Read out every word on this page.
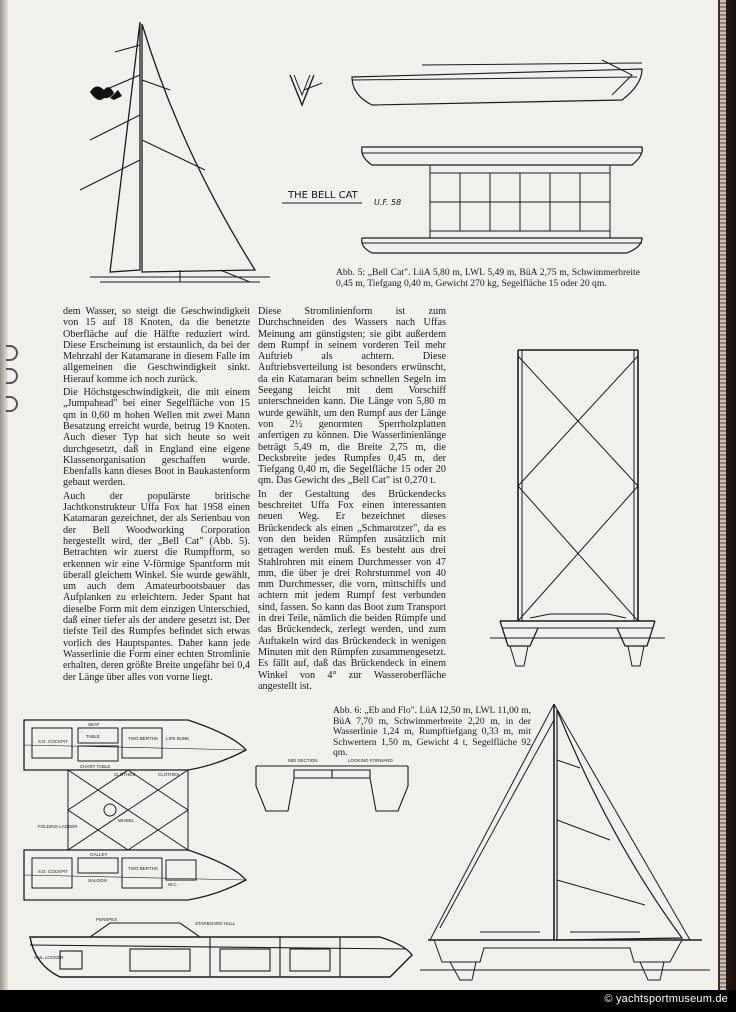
THE BELL CAT
U.F. 58
Abb. 5: „Bell Cat". LüA 5,80 m, LWL 5,49 m, BüA 2,75 m, Schwimmerbreite 0,45 m, Tiefgang 0,40 m, Gewicht 270 kg, Segelfläche 15 oder 20 qm.

dem Wasser, so steigt die Geschwindigkeit von 15 auf 18 Knoten, da die benetzte Oberfläche auf die Hälfte reduziert wird. Diese Erscheinung ist erstaunlich, da bei der Mehrzahl der Katamarane in diesem Falle im allgemeinen die Geschwindigkeit sinkt. Hierauf komme ich noch zurück.

Die Höchstgeschwindigkeit, die mit einem „Jumpahead" bei einer Segelfläche von 15 qm in 0,60 m hohen Wellen mit zwei Mann Besatzung erreicht wurde, betrug 19 Knoten. Auch dieser Typ hat sich heute so weit durchgesetzt, daß in England eine eigene Klassenorganisation geschaffen wurde. Ebenfalls kann dieses Boot in Baukastenform gebaut werden.

Auch der populärste britische Jachtkonstrukteur Uffa Fox hat 1958 einen Katamaran gezeichnet, der als Serienbau von der Bell Woodworking Corporation hergestellt wird, der „Bell Cat" (Abb. 5). Betrachten wir zuerst die Rumpfform, so erkennen wir eine V-förmige Spantform mit überall gleichem Winkel. Sie wurde gewählt, um auch dem Amateurbootsbauer das Aufplanken zu erleichtern. Jeder Spant hat dieselbe Form mit dem einzigen Unterschied, daß einer tiefer als der andere gesetzt ist. Der tiefste Teil des Rumpfes befindet sich etwas vorlich des Hauptspantes. Daher kann jede Wasserlinie die Form einer echten Stromlinie erhalten, deren größte Breite ungefähr bei 0,4 der Länge über alles von vorne liegt.

Diese Stromlinienform ist zum Durchschneiden des Wassers nach Uffas Meinung am günstigsten; sie gibt außerdem dem Rumpf in seinem vorderen Teil mehr Auftrieb als achtern. Diese Auftriebsverteilung ist besonders erwünscht, da ein Katamaran beim schnellen Segeln im Seegang leicht mit dem Vorschiff unterschneiden kann. Die Länge von 5,80 m wurde gewählt, um den Rumpf aus der Länge von 2½ genormten Sperrholzplatten anfertigen zu können. Die Wasserlinienlänge beträgt 5,49 m, die Breite 2,75 m, die Decksbreite jedes Rumpfes 0,45 m, der Tiefgang 0,40 m, die Segelfläche 15 oder 20 qm. Das Gewicht des „Bell Cat" ist 0,270 t.

In der Gestaltung des Brückendecks beschreitet Uffa Fox einen interessanten neuen Weg. Er bezeichnet dieses Brückendeck als einen „Schmarotzer", da es von den beiden Rümpfen zusätzlich mit getragen werden muß. Es besteht aus drei Stahlrohren mit einem Durchmesser von 47 mm, die über je drei Rohrstummel von 40 mm Durchmesser, die vorn, mittschiffs und achtern mit jedem Rumpf fest verbunden sind, fassen. So kann das Boot zum Transport in drei Teile, nämlich die beiden Rümpfe und das Brückendeck, zerlegt werden, und zum Auftakeln wird das Brückendeck in wenigen Minuten mit den Rümpfen zusammengesetzt. Es fällt auf, daß das Brückendeck in einem Winkel von 4° zur Wasseroberfläche angestellt ist.

Abb. 6: „Eb and Flo". LüA 12,50 m, LWL 11,00 m, BüA 7,70 m, Schwimmerbreite 2,20 m, in der Wasserlinie 1,24 m, Rumpftiefgang 0,33 m, mit Schwertern 1,50 m, Gewicht 4 t, Segelfläche 92 qm.
S.D. COCKPIT
SEAT
TABLE
CHART TABLE
TWO BERTHS LIFE BUNK
CLOTHES	CLOTHES
WHEEL
FOLDING LADDER
GALLEY
S.D. COCKPIT
SALOON
W.C.
TWO BERTHS
MID SECTION	LOOKING FORWARD
STARBOARD HULL
PERSPEX
SAIL LOCKER
© yachtsportmuseum.de
